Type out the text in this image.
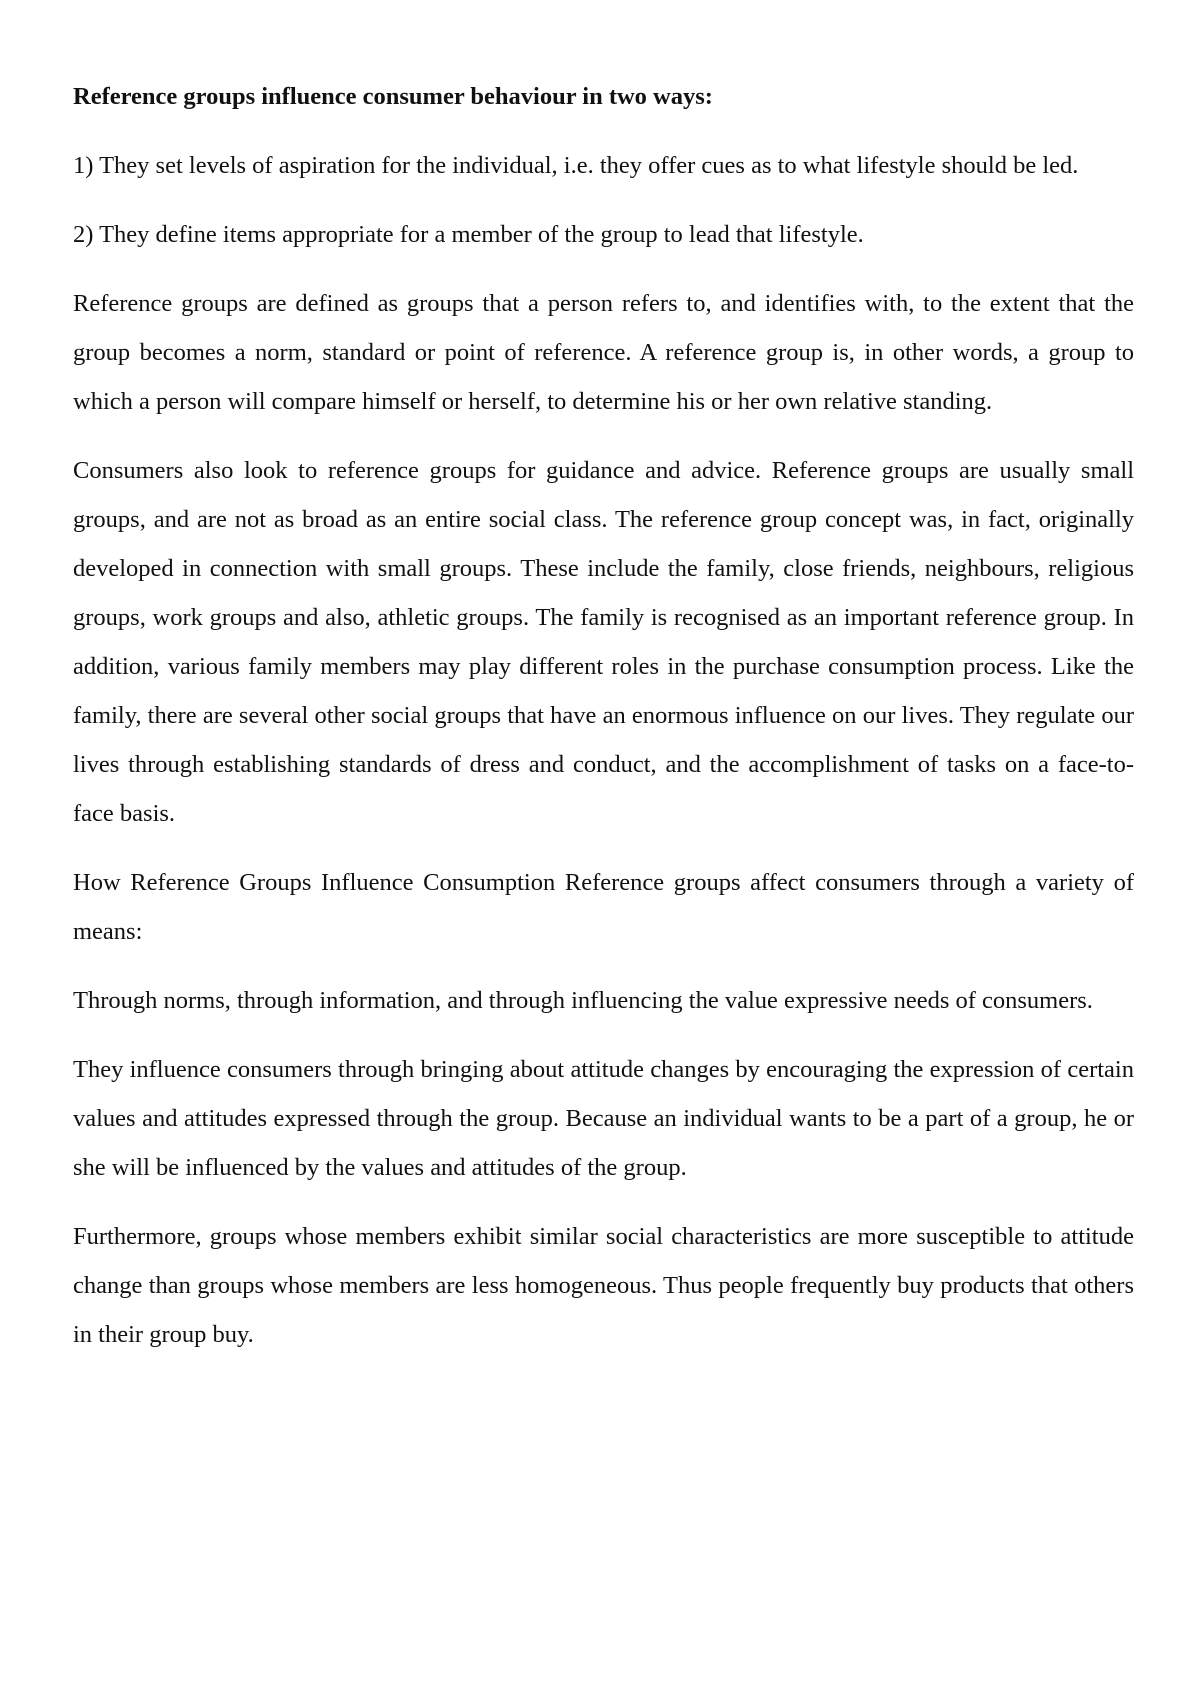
Reference groups influence consumer behaviour in two ways:

1) They set levels of aspiration for the individual, i.e. they offer cues as to what lifestyle should be led.

2) They define items appropriate for a member of the group to lead that lifestyle.

Reference groups are defined as groups that a person refers to, and identifies with, to the extent that the group becomes a norm, standard or point of reference. A reference group is, in other words, a group to which a person will compare himself or herself, to determine his or her own relative standing.

Consumers also look to reference groups for guidance and advice. Reference groups are usually small groups, and are not as broad as an entire social class. The reference group concept was, in fact, originally developed in connection with small groups. These include the family, close friends, neighbours, religious groups, work groups and also, athletic groups. The family is recognised as an important reference group. In addition, various family members may play different roles in the purchase consumption process. Like the family, there are several other social groups that have an enormous influence on our lives. They regulate our lives through establishing standards of dress and conduct, and the accomplishment of tasks on a face-to-face basis.

How Reference Groups Influence Consumption Reference groups affect consumers through a variety of means:

Through norms, through information, and through influencing the value expressive needs of consumers.

They influence consumers through bringing about attitude changes by encouraging the expression of certain values and attitudes expressed through the group. Because an individual wants to be a part of a group, he or she will be influenced by the values and attitudes of the group.

Furthermore, groups whose members exhibit similar social characteristics are more susceptible to attitude change than groups whose members are less homogeneous. Thus people frequently buy products that others in their group buy.
